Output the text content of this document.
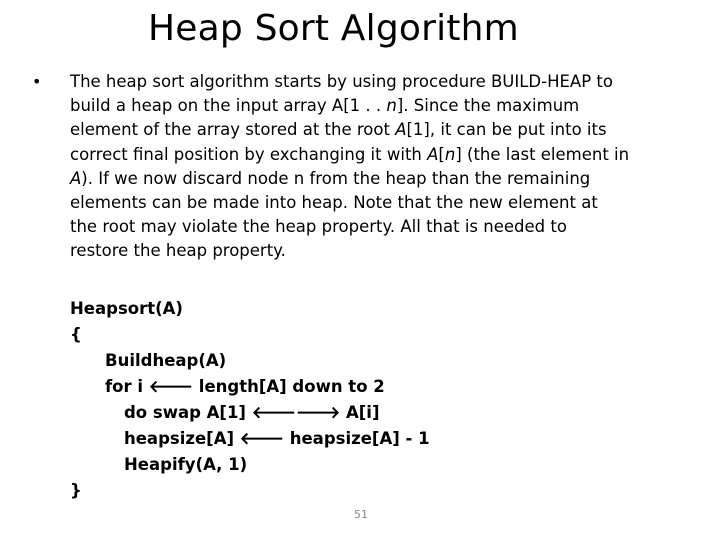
Heap Sort Algorithm
• The heap sort algorithm starts by using procedure BUILD-HEAP to build a heap on the input array A[1 . . n]. Since the maximum element of the array stored at the root A[1], it can be put into its correct final position by exchanging it with A[n] (the last element in A). If we now discard node n from the heap than the remaining elements can be made into heap. Note that the new element at the root may violate the heap property. All that is needed to restore the heap property.
Heapsort(A)
{
Buildheap(A)
for i 🡐 length[A] down to 2
do swap A[1] 🡐🡒 A[i]
heapsize[A] 🡐 heapsize[A] - 1
Heapify(A, 1)
}
51
